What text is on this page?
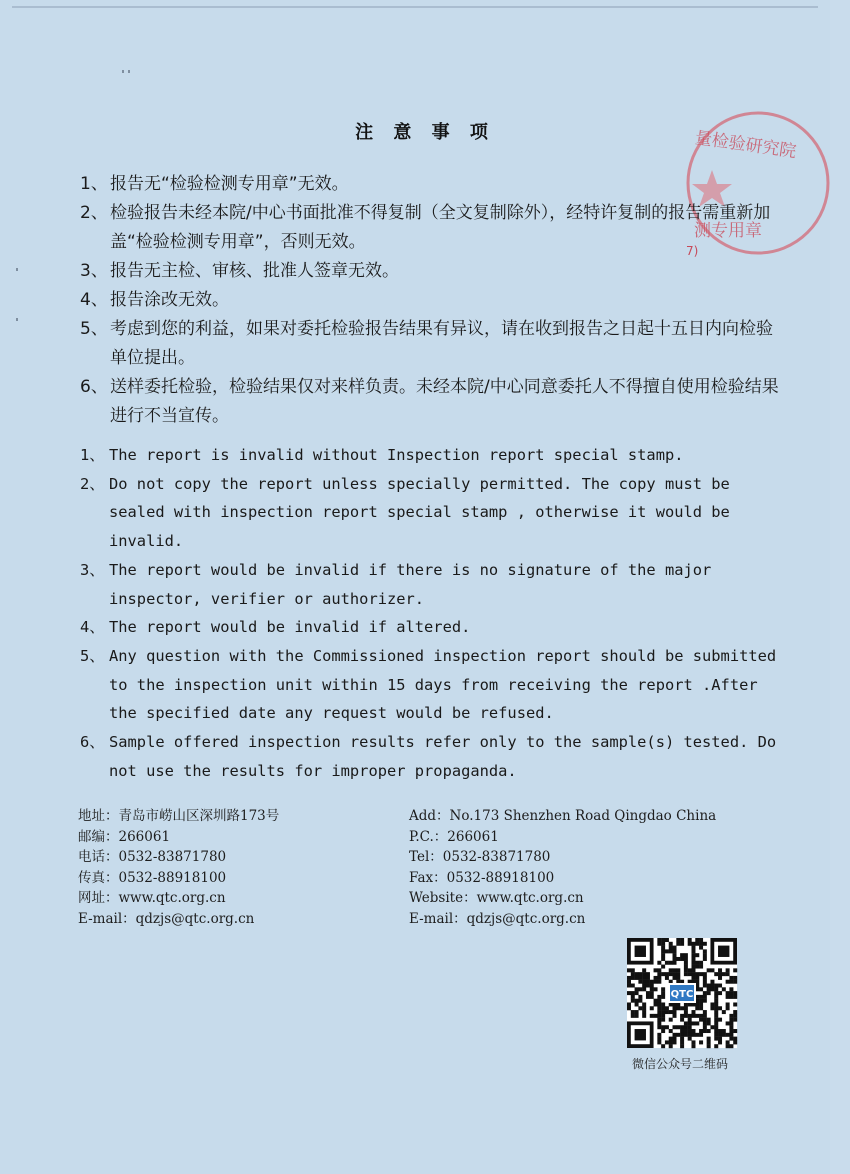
量检验研究院
测专用章
7)
注 意 事 项
1、 报告无“检验检测专用章”无效。
2、 检验报告未经本院/中心书面批准不得复制（全文复制除外），经特许复制的报告需重新加盖“检验检测专用章”，否则无效。
3、 报告无主检、审核、批准人签章无效。
4、 报告涂改无效。
5、 考虑到您的利益，如果对委托检验报告结果有异议，请在收到报告之日起十五日内向检验单位提出。
6、 送样委托检验，检验结果仅对来样负责。未经本院/中心同意委托人不得擅自使用检验结果进行不当宣传。
1、 The report is invalid without Inspection report special stamp.
2、 Do not copy the report unless specially permitted. The copy must be sealed with inspection report special stamp , otherwise it would be invalid.
3、 The report would be invalid if there is no signature of the major inspector, verifier or authorizer.
4、 The report would be invalid if altered.
5、 Any question with the Commissioned inspection report should be submitted to the inspection unit within 15 days from receiving the report .After the specified date any request would be refused.
6、 Sample offered inspection results refer only to the sample(s) tested. Do not use the results for improper propaganda.
地址：青岛市崂山区深圳路173号
邮编：266061
电话：0532-83871780
传真：0532-88918100
网址：www.qtc.org.cn
E-mail：qdzjs@qtc.org.cn
Add：No.173 Shenzhen Road Qingdao China
P.C.：266061
Tel：0532-83871780
Fax：0532-88918100
Website：www.qtc.org.cn
E-mail：qdzjs@qtc.org.cn
QTC
微信公众号二维码
